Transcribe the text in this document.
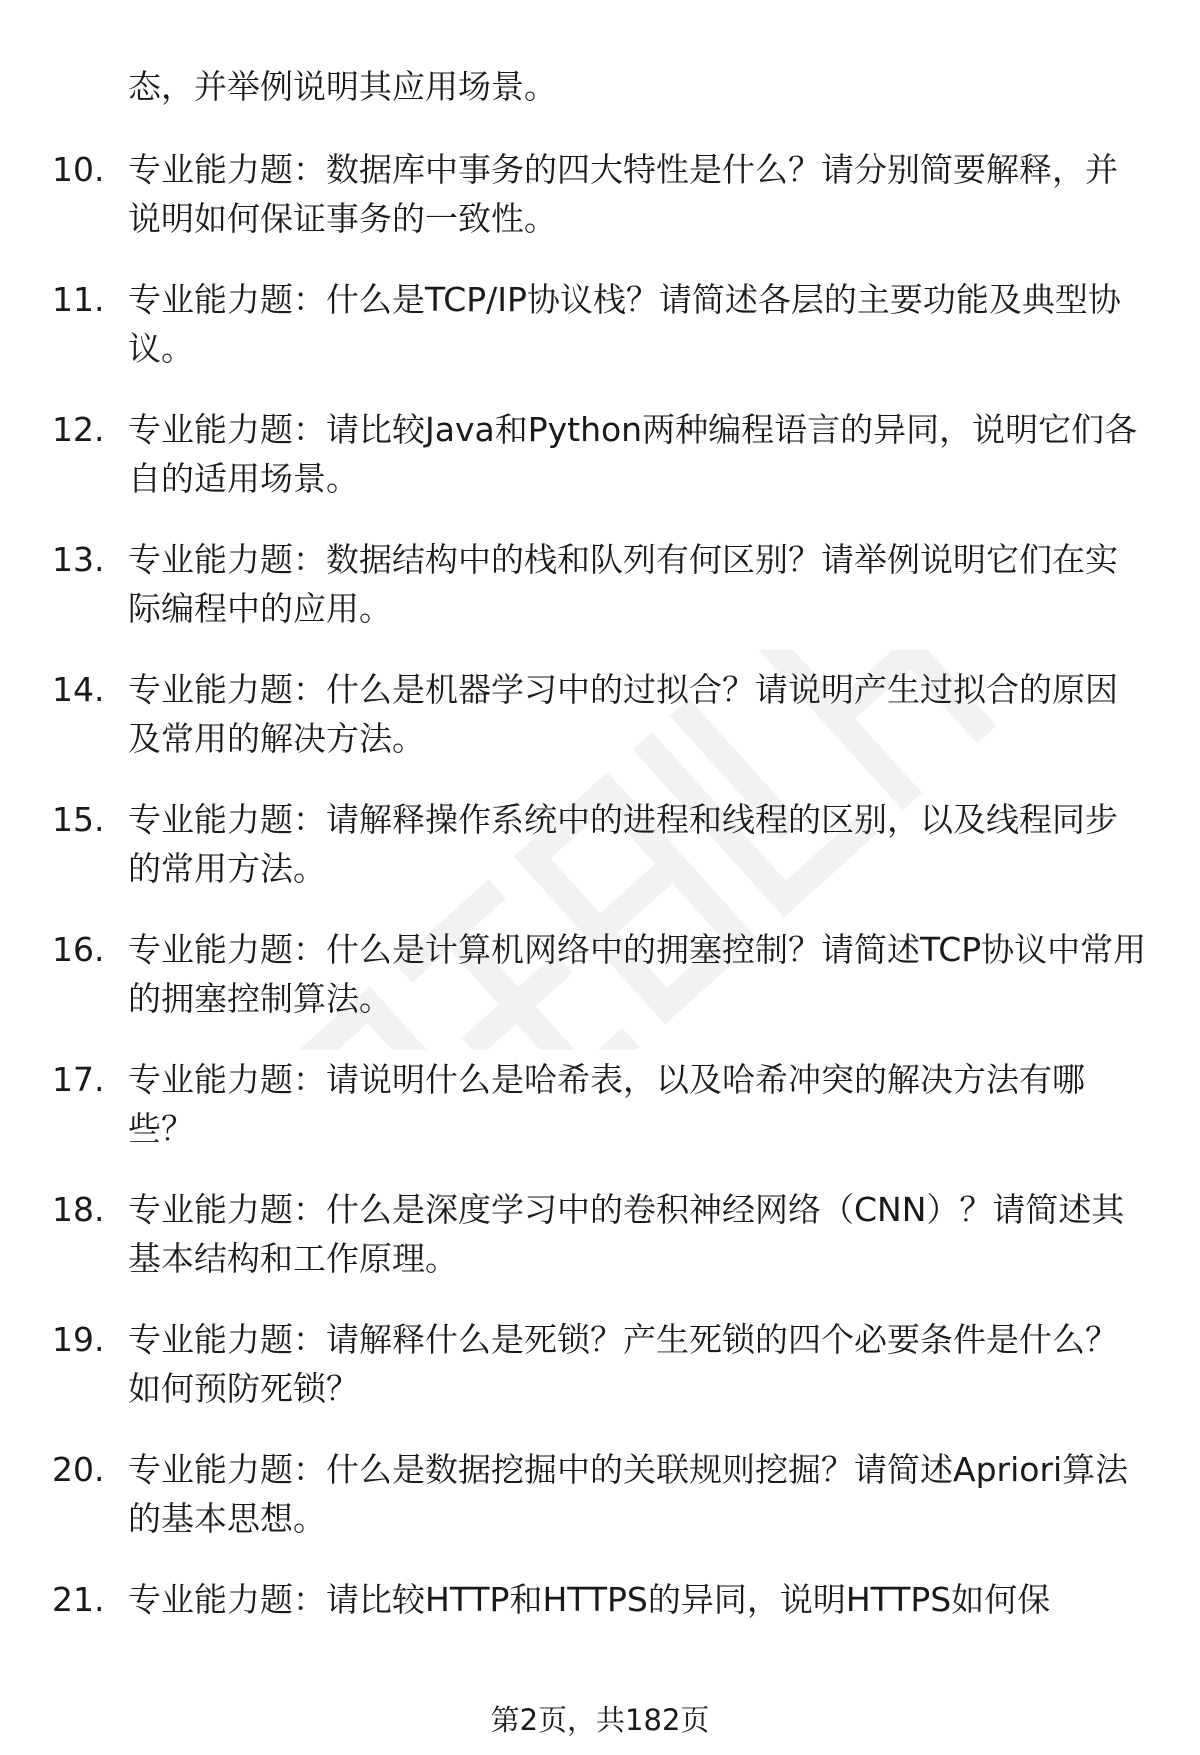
态，并举例说明其应用场景。
10. 专业能力题：数据库中事务的四大特性是什么？请分别简要解释，并说明如何保证事务的一致性。
11. 专业能力题：什么是TCP/IP协议栈？请简述各层的主要功能及典型协议。
12. 专业能力题：请比较Java和Python两种编程语言的异同，说明它们各自的适用场景。
13. 专业能力题：数据结构中的栈和队列有何区别？请举例说明它们在实际编程中的应用。
14. 专业能力题：什么是机器学习中的过拟合？请说明产生过拟合的原因及常用的解决方法。
15. 专业能力题：请解释操作系统中的进程和线程的区别，以及线程同步的常用方法。
16. 专业能力题：什么是计算机网络中的拥塞控制？请简述TCP协议中常用的拥塞控制算法。
17. 专业能力题：请说明什么是哈希表，以及哈希冲突的解决方法有哪些？
18. 专业能力题：什么是深度学习中的卷积神经网络（CNN）？请简述其基本结构和工作原理。
19. 专业能力题：请解释什么是死锁？产生死锁的四个必要条件是什么？如何预防死锁？
20. 专业能力题：什么是数据挖掘中的关联规则挖掘？请简述Apriori算法的基本思想。
21. 专业能力题：请比较HTTP和HTTPS的异同，说明HTTPS如何保
第2页，共182页
